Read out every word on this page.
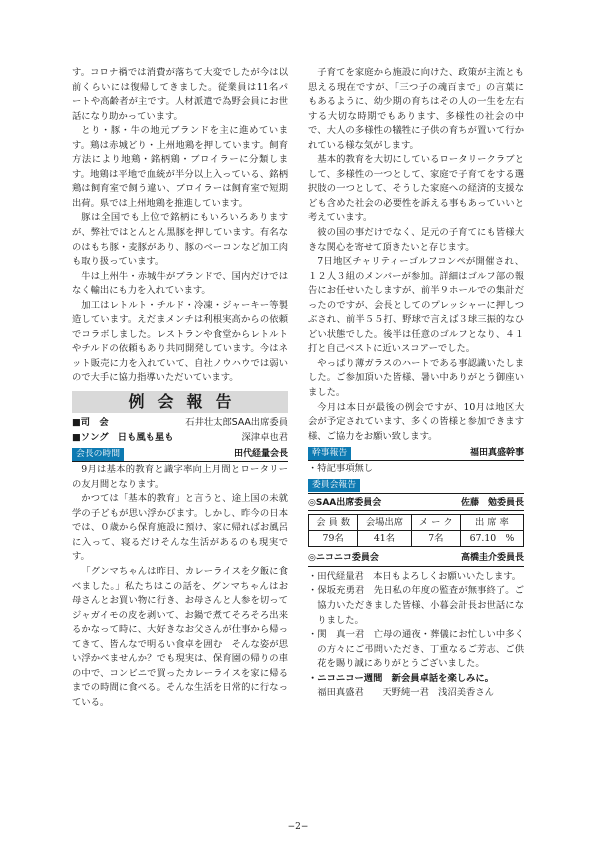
す。コロナ禍では消費が落ちて大変でしたが今は以前くらいには復帰してきました。従業員は11名パートや高齢者が主です。人材派遣で為野会員にお世話になり助かっています。
とり・豚・牛の地元ブランドを主に進めています。鶏は赤城どり・上州地鶏を押しています。飼育方法により地鶏・銘柄鶏・ブロイラーに分類します。地鶏は平地で血統が半分以上入っている、銘柄鶏は飼育室で飼う違い、ブロイラーは飼育室で短期出荷。県では上州地鶏を推進しています。
豚は全国でも上位で銘柄にもいろいろありますが、弊社ではとんとん黒豚を押しています。有名なのはもち豚・麦豚があり、豚のベーコンなど加工肉も取り扱っています。
牛は上州牛・赤城牛がブランドで、国内だけではなく輸出にも力を入れています。
加工はレトルト・チルド・冷凍・ジャーキー等製造しています。えだまメンチは利根実高からの依頼でコラボしました。レストランや食堂からレトルトやチルドの依頼もあり共同開発しています。今はネット販売に力を入れていて、自社ノウハウでは弱いので大手に協力指導いただいています。
例会報告
■司　会	石井壮太郎SAA出席委員
■ソング　日も風も星も	深津卓也君
会長の時間	田代経量会長
9月は基本的教育と識字率向上月間とロータリーの友月間となります。
かつては「基本的教育」と言うと、途上国の未就学の子どもが思い浮かびます。しかし、昨今の日本では、０歳から保育施設に預け、家に帰ればお風呂に入って、寝るだけそんな生活があるのも現実です。
「グンマちゃんは昨日、カレーライスを夕飯に食べました。」私たちはこの話を、グンマちゃんはお母さんとお買い物に行き、お母さんと人参を切ってジャガイモの皮を剥いて、お鍋で煮てそろそろ出来るかなって時に、大好きなお父さんが仕事から帰ってきて、皆んなで明るい食卓を囲む　そんな姿が思い浮かべませんか？でも現実は、保育園の帰りの車の中で、コンビニで買ったカレーライスを家に帰るまでの時間に食べる。そんな生活を日常的に行なっている。
子育てを家庭から施設に向けた、政策が主流とも思える現在ですが、「三つ子の魂百まで」の言葉にもあるように、幼少期の育ちはその人の一生を左右する大切な時期でもあります、多様性の社会の中で、大人の多様性の犠牲に子供の育ちが置いて行かれている様な気がします。
基本的教育を大切にしているロータリークラブとして、多様性の一つとして、家庭で子育てをする選択肢の一つとして、そうした家庭への経済的支援なども含めた社会の必要性を訴える事もあっていいと考えています。
彼の国の事だけでなく、足元の子育てにも皆様大きな関心を寄せて頂きたいと存じます。
7日地区チャリティーゴルフコンペが開催され、１２人３組のメンバーが参加。詳細はゴルフ部の報告にお任せいたしますが、前半９ホールでの集計だったのですが、会長としてのプレッシャーに押しつぶされ、前半５５打、野球で言えば３球三振的なひどい状態でした。後半は任意のゴルフとなり、４１打と自己ベストに近いスコアーでした。
やっぱり薄ガラスのハートである事認識いたしました。ご参加頂いた皆様、暑い中ありがとう御座いました。
今月は本日が最後の例会ですが、10月は地区大会が予定されています、多くの皆様と参加できます様、ご協力をお願い致します。
幹事報告	福田真盛幹事
・特記事項無し
委員会報告
◎SAA出席委員会	佐藤　勉委員長
会 員 数	会場出席	メ ー ク	出 席 率
79名	41名	7名	67.10　%
◎ニコニコ委員会	高橋圭介委員長
・田代経量君　本日もよろしくお願いいたします。
・保坂充勇君　先日私の年度の監査が無事終了。ご協力いただきました皆様、小暮会計長お世話になりました。
・関　真一君　亡母の通夜・葬儀にお忙しい中多くの方々にご弔問いただき、丁重なるご芳志、ご供花を賜り誠にありがとうございました。
・ニコニコー週間　新会員卓話を楽しみに。
福田真盛君　　天野純一君　浅沼美香さん
−2−
